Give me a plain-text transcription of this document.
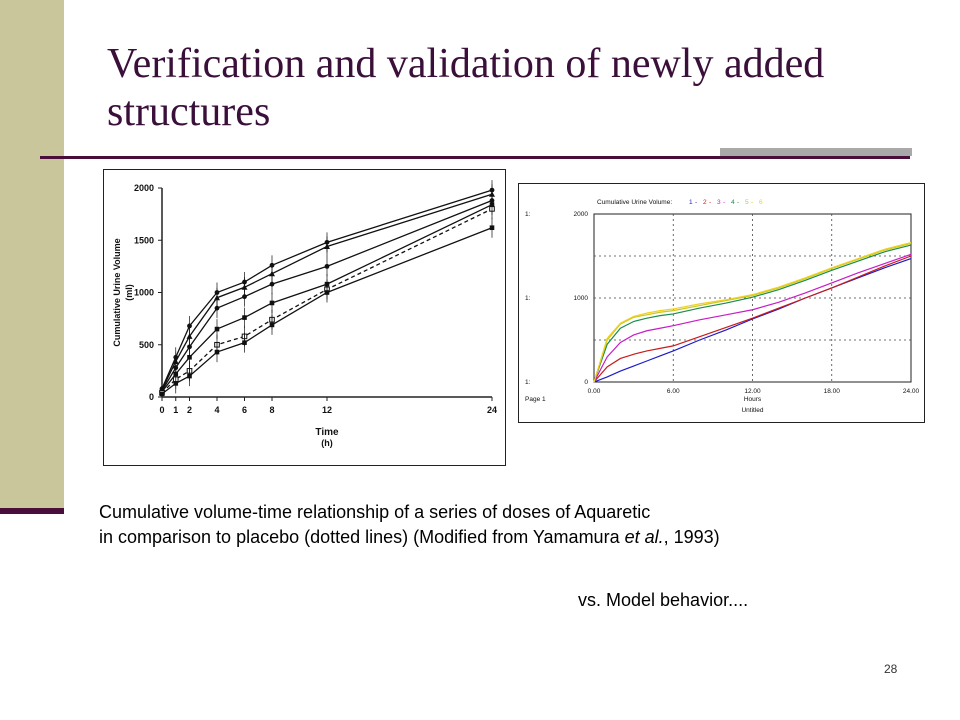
Verification and validation of newly added structures
0
500
1000
1500
2000
0 1 2 4 6 8	12	24
Cumulative Urine Volume (ml)
Time
(h)
0.00	6.00	12.00	18.00	24.00
0
1:
1000
1:
2000
1:
Hours
Page 1
Untitled
Cumulative Urine Volume:	1 - 2 - 3 - 4 - 5 - 6

Cumulative volume-time relationship of a series of doses of Aquaretic

in comparison to placebo (dotted lines) (Modified from Yamamura et al., 1993)

vs. Model behavior....
28
